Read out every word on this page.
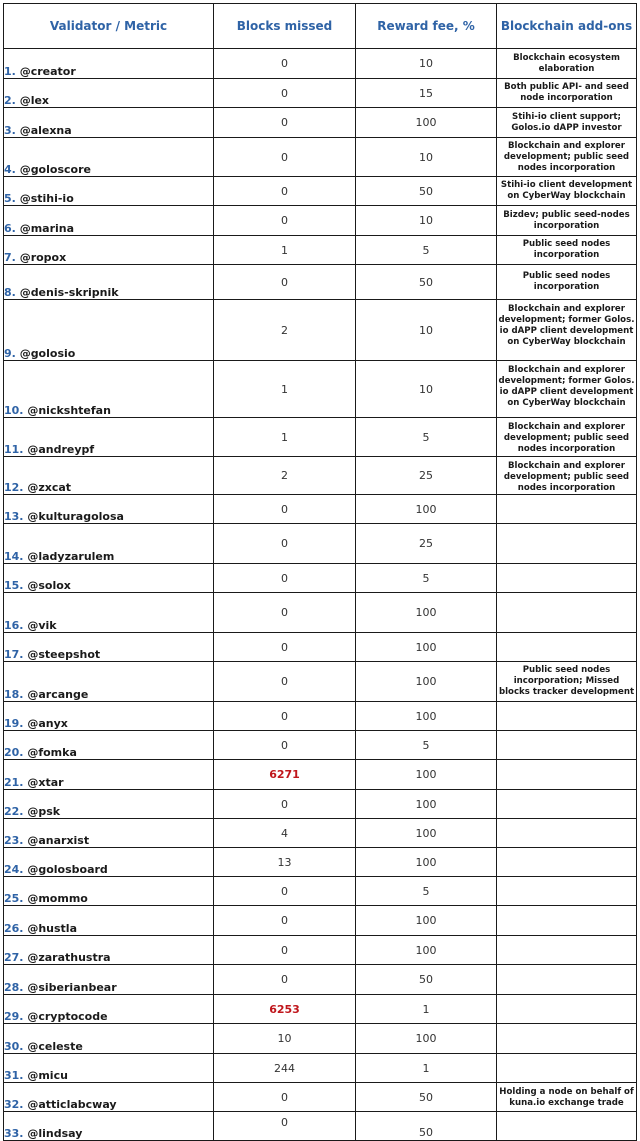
Validator / Metric	Blocks missed	Reward fee, %	Blockchain add-ons
1. @creator	0	10	Blockchain ecosystem elaboration
2. @lex	0	15	Both public API- and seed node incorporation
3. @alexna	0	100	Stihi-io client support; Golos.io dAPP investor
4. @goloscore	0	10	Blockchain and explorer development; public seed nodes incorporation
5. @stihi-io	0	50	Stihi-io client development on CyberWay blockchain
6. @marina	0	10	Bizdev; public seed-nodes incorporation
7. @ropox	1	5	Public seed nodes incorporation
8. @denis-skripnik	0	50	Public seed nodes incorporation
9. @golosio	2	10	Blockchain and explorer development; former Golos. io dAPP client development on CyberWay blockchain
10. @nickshtefan	1	10	Blockchain and explorer development; former Golos. io dAPP client development on CyberWay blockchain
11. @andreypf	1	5	Blockchain and explorer development; public seed nodes incorporation
12. @zxcat	2	25	Blockchain and explorer development; public seed nodes incorporation
13. @kulturagolosa	0	100	
14. @ladyzarulem	0	25	
15. @solox	0	5	
16. @vik	0	100	
17. @steepshot	0	100	
18. @arcange	0	100	Public seed nodes incorporation; Missed blocks tracker development
19. @anyx	0	100	
20. @fomka	0	5	
21. @xtar	6271	100	
22. @psk	0	100	
23. @anarxist	4	100	
24. @golosboard	13	100	
25. @mommo	0	5	
26. @hustla	0	100	
27. @zarathustra	0	100	
28. @siberianbear	0	50	
29. @cryptocode	6253	1	
30. @celeste	10	100	
31. @micu	244	1	
32. @atticlabcway	0	50	Holding a node on behalf of kuna.io exchange trade
33. @lindsay	0	50	
